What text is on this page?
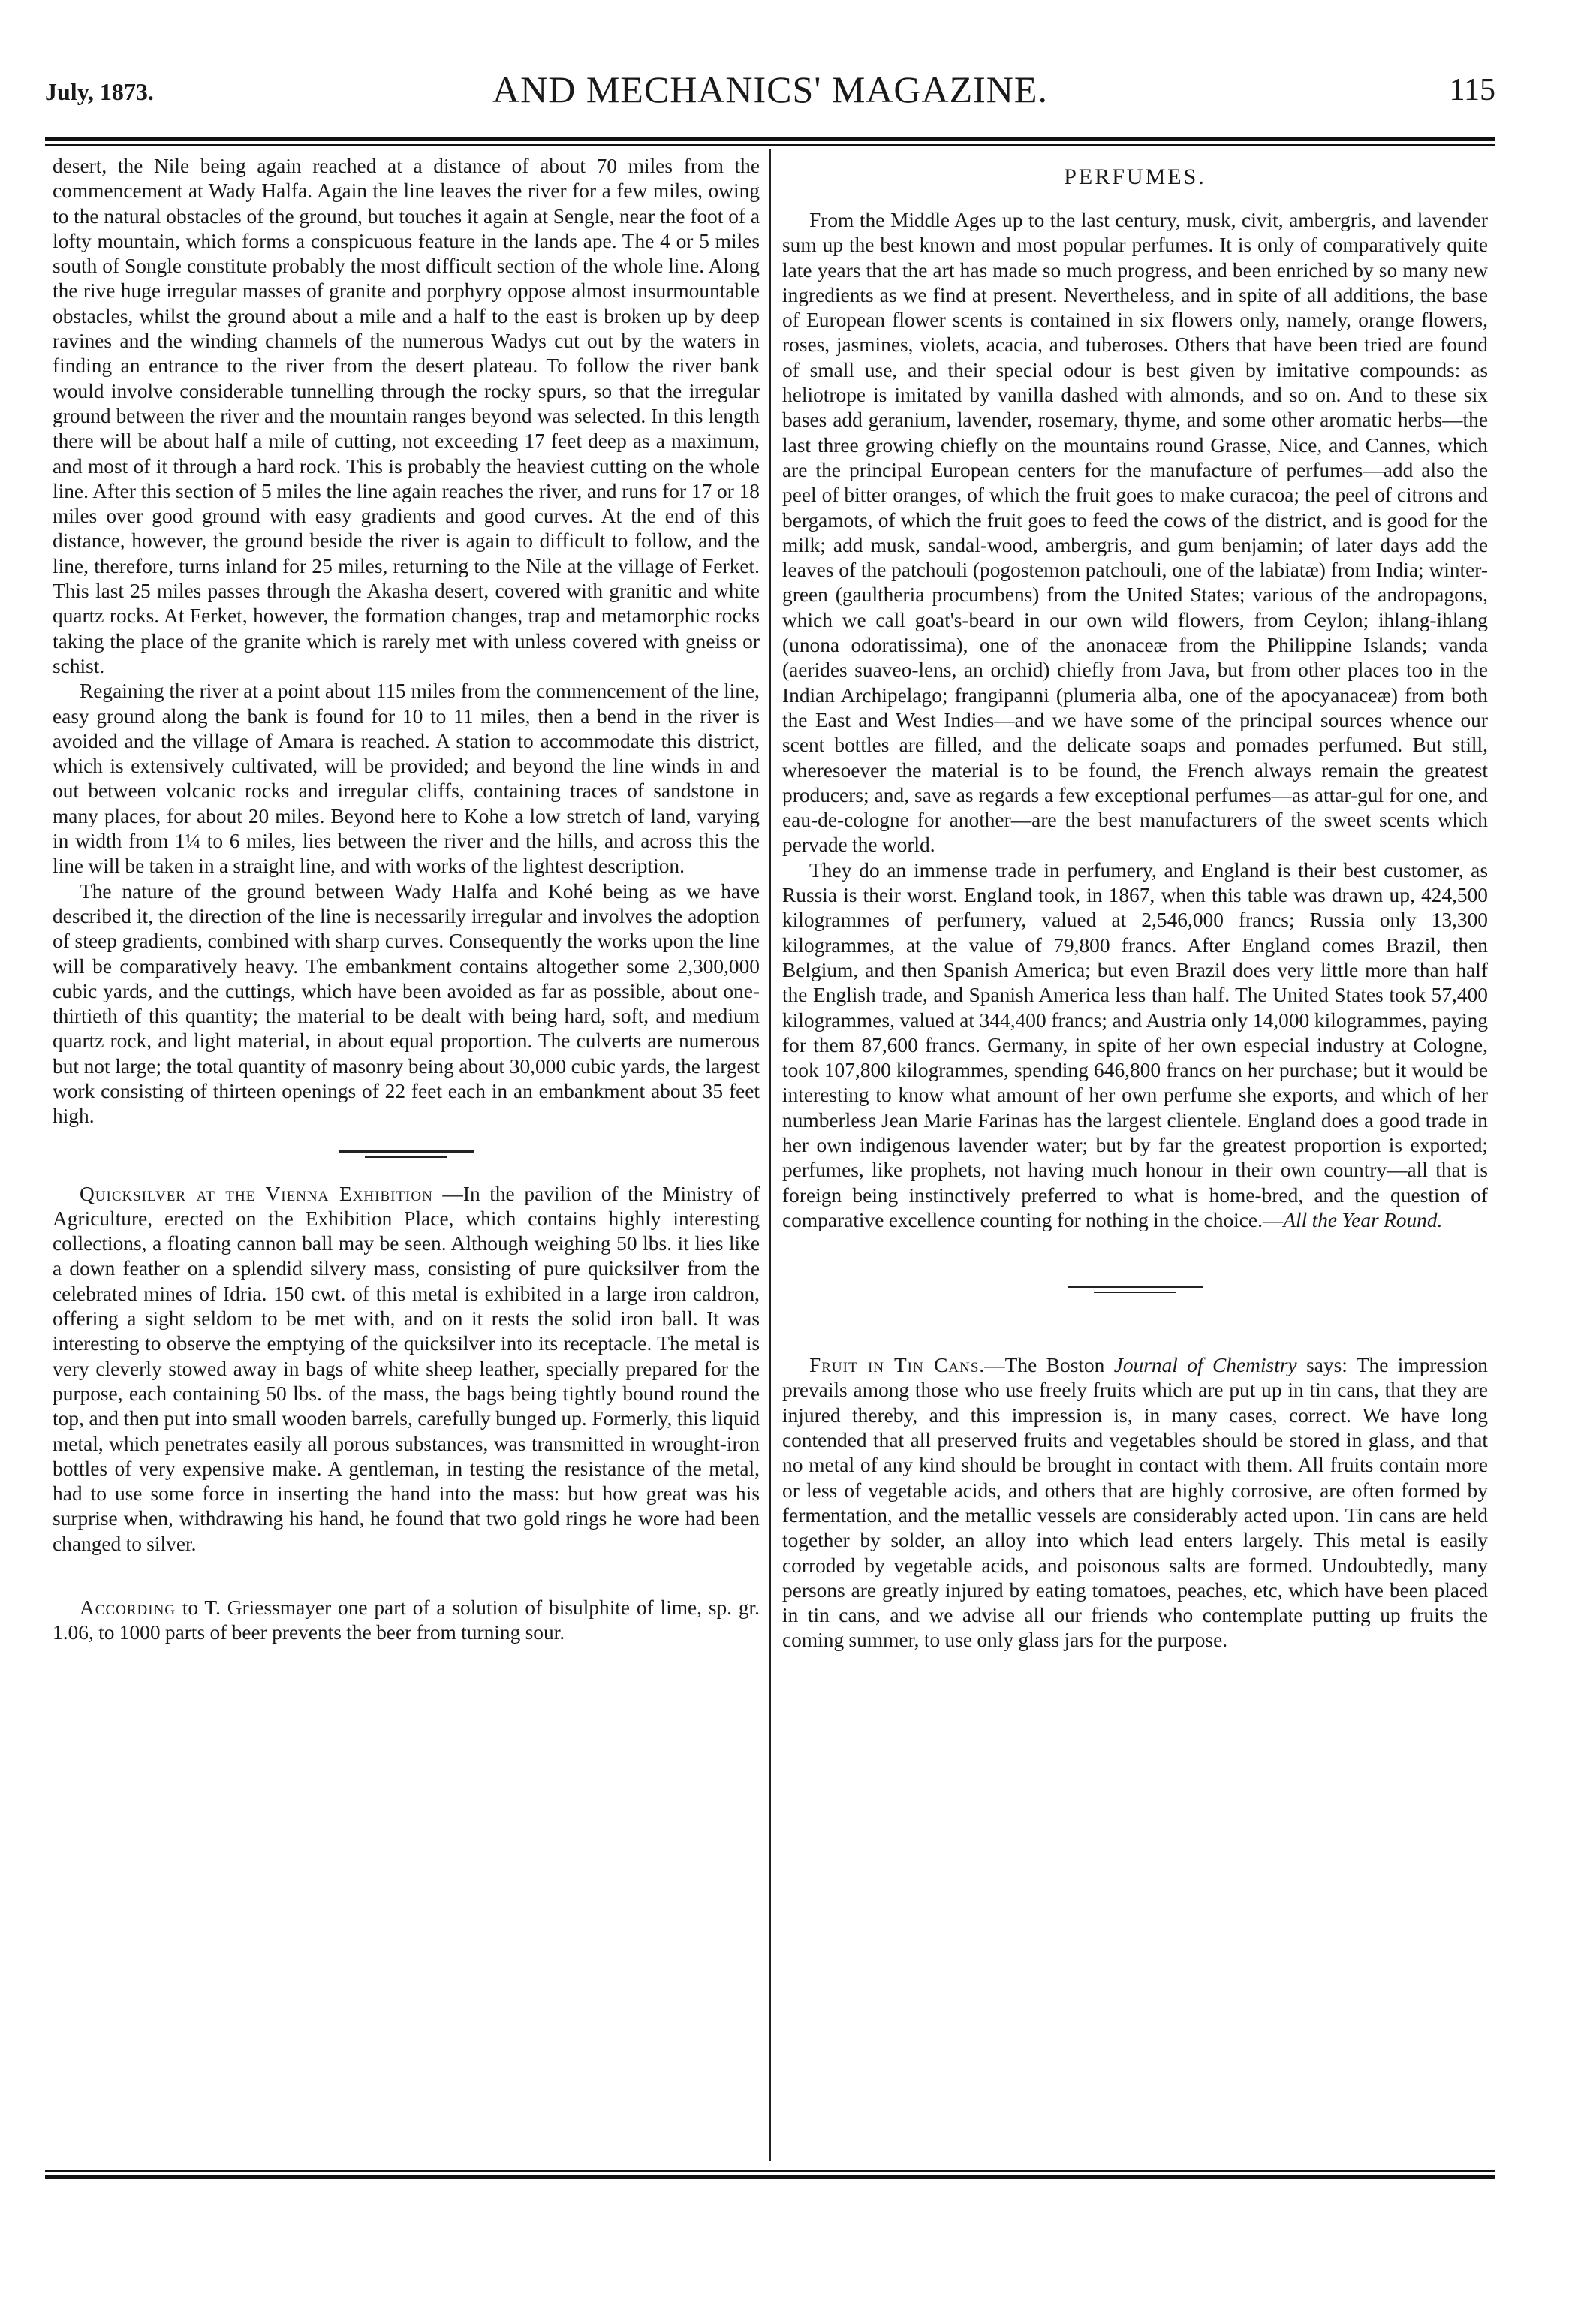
July, 1873.	AND MECHANICS' MAGAZINE.	115

desert, the Nile being again reached at a distance of about 70 miles from the commencement at Wady Halfa. Again the line leaves the river for a few miles, owing to the natural obstacles of the ground, but touches it again at Sengle, near the foot of a lofty mountain, which forms a conspicuous feature in the lands ape. The 4 or 5 miles south of Songle constitute probably the most difficult section of the whole line. Along the rive huge irregular masses of granite and porphyry oppose almost insurmountable obstacles, whilst the ground about a mile and a half to the east is broken up by deep ravines and the winding channels of the numerous Wadys cut out by the waters in finding an entrance to the river from the desert plateau. To follow the river bank would involve considerable tunnelling through the rocky spurs, so that the irregular ground between the river and the mountain ranges beyond was selected. In this length there will be about half a mile of cutting, not exceeding 17 feet deep as a maximum, and most of it through a hard rock. This is probably the heaviest cutting on the whole line. After this section of 5 miles the line again reaches the river, and runs for 17 or 18 miles over good ground with easy gradients and good curves. At the end of this distance, however, the ground beside the river is again to difficult to follow, and the line, therefore, turns inland for 25 miles, returning to the Nile at the village of Ferket. This last 25 miles passes through the Akasha desert, covered with granitic and white quartz rocks. At Ferket, however, the formation changes, trap and metamorphic rocks taking the place of the granite which is rarely met with unless covered with gneiss or schist.

Regaining the river at a point about 115 miles from the commencement of the line, easy ground along the bank is found for 10 to 11 miles, then a bend in the river is avoided and the village of Amara is reached. A station to accommodate this district, which is extensively cultivated, will be provided; and beyond the line winds in and out between volcanic rocks and irregular cliffs, containing traces of sandstone in many places, for about 20 miles. Beyond here to Kohe a low stretch of land, varying in width from 1¼ to 6 miles, lies between the river and the hills, and across this the line will be taken in a straight line, and with works of the lightest description.

The nature of the ground between Wady Halfa and Kohé being as we have described it, the direction of the line is necessarily irregular and involves the adoption of steep gradients, combined with sharp curves. Consequently the works upon the line will be comparatively heavy. The embankment contains altogether some 2,300,000 cubic yards, and the cuttings, which have been avoided as far as possible, about one-thirtieth of this quantity; the material to be dealt with being hard, soft, and medium quartz rock, and light material, in about equal proportion. The culverts are numerous but not large; the total quantity of masonry being about 30,000 cubic yards, the largest work consisting of thirteen openings of 22 feet each in an embankment about 35 feet high.

Quicksilver at the Vienna Exhibition —In the pavilion of the Ministry of Agriculture, erected on the Exhibition Place, which contains highly interesting collections, a floating cannon ball may be seen. Although weighing 50 lbs. it lies like a down feather on a splendid silvery mass, consisting of pure quicksilver from the celebrated mines of Idria. 150 cwt. of this metal is exhibited in a large iron caldron, offering a sight seldom to be met with, and on it rests the solid iron ball. It was interesting to observe the emptying of the quicksilver into its receptacle. The metal is very cleverly stowed away in bags of white sheep leather, specially prepared for the purpose, each containing 50 lbs. of the mass, the bags being tightly bound round the top, and then put into small wooden barrels, carefully bunged up. Formerly, this liquid metal, which penetrates easily all porous substances, was transmitted in wrought-iron bottles of very expensive make. A gentleman, in testing the resistance of the metal, had to use some force in inserting the hand into the mass: but how great was his surprise when, withdrawing his hand, he found that two gold rings he wore had been changed to silver.

According to T. Griessmayer one part of a solution of bisulphite of lime, sp. gr. 1.06, to 1000 parts of beer prevents the beer from turning sour.

PERFUMES.

From the Middle Ages up to the last century, musk, civit, ambergris, and lavender sum up the best known and most popular perfumes. It is only of comparatively quite late years that the art has made so much progress, and been enriched by so many new ingredients as we find at present. Nevertheless, and in spite of all additions, the base of European flower scents is contained in six flowers only, namely, orange flowers, roses, jasmines, violets, acacia, and tuberoses. Others that have been tried are found of small use, and their special odour is best given by imitative compounds: as heliotrope is imitated by vanilla dashed with almonds, and so on. And to these six bases add geranium, lavender, rosemary, thyme, and some other aromatic herbs—the last three growing chiefly on the mountains round Grasse, Nice, and Cannes, which are the principal European centers for the manufacture of perfumes—add also the peel of bitter oranges, of which the fruit goes to make curacoa; the peel of citrons and bergamots, of which the fruit goes to feed the cows of the district, and is good for the milk; add musk, sandal-wood, ambergris, and gum benjamin; of later days add the leaves of the patchouli (pogostemon patchouli, one of the labiatæ) from India; winter-green (gaultheria procumbens) from the United States; various of the andropagons, which we call goat's-beard in our own wild flowers, from Ceylon; ihlang-ihlang (unona odoratissima), one of the anonaceæ from the Philippine Islands; vanda (aerides suaveo-lens, an orchid) chiefly from Java, but from other places too in the Indian Archipelago; frangipanni (plumeria alba, one of the apocyanaceæ) from both the East and West Indies—and we have some of the principal sources whence our scent bottles are filled, and the delicate soaps and pomades perfumed. But still, wheresoever the material is to be found, the French always remain the greatest producers; and, save as regards a few exceptional perfumes—as attar-gul for one, and eau-de-cologne for another—are the best manufacturers of the sweet scents which pervade the world.

They do an immense trade in perfumery, and England is their best customer, as Russia is their worst. England took, in 1867, when this table was drawn up, 424,500 kilogrammes of perfumery, valued at 2,546,000 francs; Russia only 13,300 kilogrammes, at the value of 79,800 francs. After England comes Brazil, then Belgium, and then Spanish America; but even Brazil does very little more than half the English trade, and Spanish America less than half. The United States took 57,400 kilogrammes, valued at 344,400 francs; and Austria only 14,000 kilogrammes, paying for them 87,600 francs. Germany, in spite of her own especial industry at Cologne, took 107,800 kilogrammes, spending 646,800 francs on her purchase; but it would be interesting to know what amount of her own perfume she exports, and which of her numberless Jean Marie Farinas has the largest clientele. England does a good trade in her own indigenous lavender water; but by far the greatest proportion is exported; perfumes, like prophets, not having much honour in their own country—all that is foreign being instinctively preferred to what is home-bred, and the question of comparative excellence counting for nothing in the choice.—All the Year Round.

Fruit in Tin Cans.—The Boston Journal of Chemistry says: The impression prevails among those who use freely fruits which are put up in tin cans, that they are injured thereby, and this impression is, in many cases, correct. We have long contended that all preserved fruits and vegetables should be stored in glass, and that no metal of any kind should be brought in contact with them. All fruits contain more or less of vegetable acids, and others that are highly corrosive, are often formed by fermentation, and the metallic vessels are considerably acted upon. Tin cans are held together by solder, an alloy into which lead enters largely. This metal is easily corroded by vegetable acids, and poisonous salts are formed. Undoubtedly, many persons are greatly injured by eating tomatoes, peaches, etc, which have been placed in tin cans, and we advise all our friends who contemplate putting up fruits the coming summer, to use only glass jars for the purpose.
